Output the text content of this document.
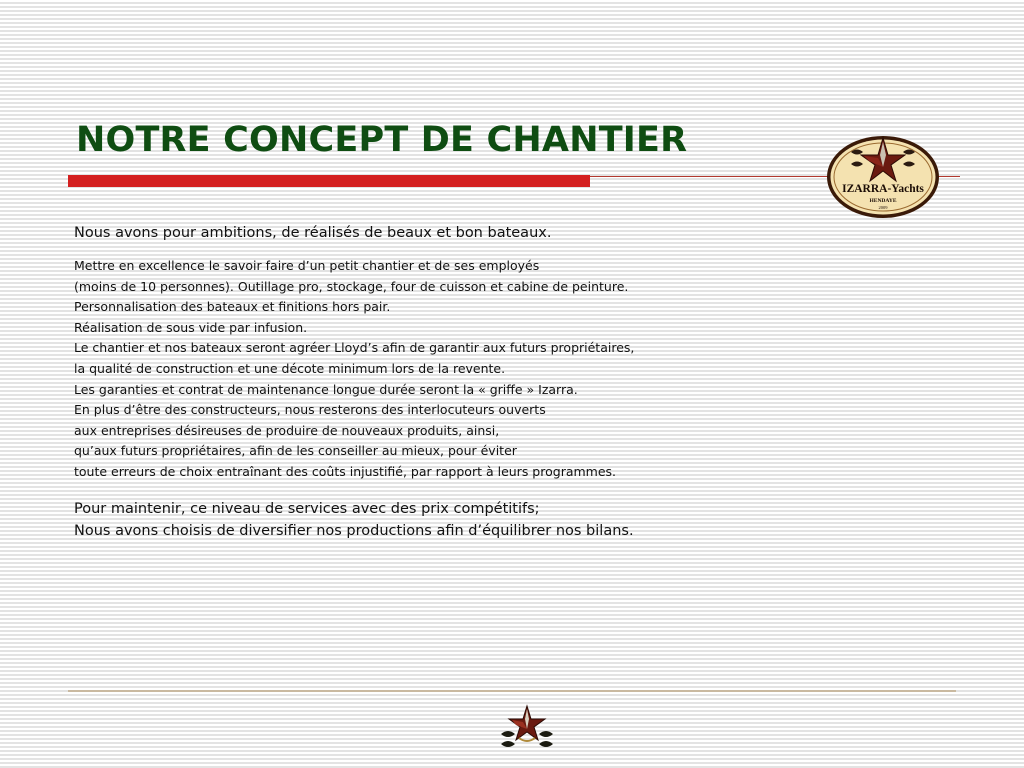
NOTRE CONCEPT DE CHANTIER
IZARRA-Yachts
HENDAYE
2009

Nous avons pour ambitions, de réalisés de beaux et bon bateaux.

Mettre en excellence le savoir faire d’un petit chantier et de ses employés

(moins de 10 personnes). Outillage pro, stockage, four de cuisson et cabine de peinture.

Personnalisation des bateaux et finitions hors pair.

Réalisation de sous vide par infusion.

Le chantier et nos bateaux seront agréer Lloyd’s afin de garantir aux futurs propriétaires,

la qualité de construction et une décote minimum lors de la revente.

Les garanties et contrat de maintenance longue durée seront la « griffe » Izarra.

En plus d’être des constructeurs, nous resterons des interlocuteurs ouverts

aux entreprises désireuses de produire de nouveaux produits, ainsi,

qu’aux futurs propriétaires, afin de les conseiller au mieux, pour éviter

toute erreurs de choix entraînant des coûts injustifié, par rapport à leurs programmes.

Pour maintenir, ce niveau de services avec des prix compétitifs;

Nous avons choisis de diversifier nos productions afin d’équilibrer nos bilans.
